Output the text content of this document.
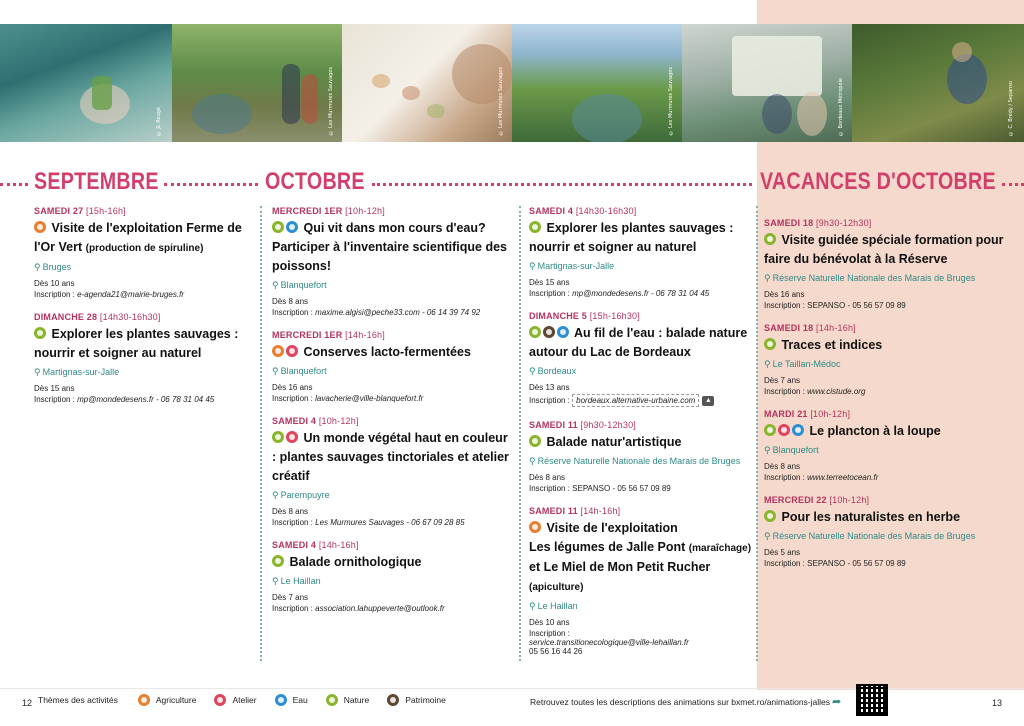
© JL Rougé	© Les Murmures Sauvages	© Les Murmures Sauvages	© Les Murmures Sauvages	© Bordeaux Métropole	© C. Brédy / Sepanso
SEPTEMBRE	OCTOBRE	VACANCES D'OCTOBRE
SAMEDI 27 [15h-16h]
Visite de l'exploitation Ferme de l'Or Vert (production de spiruline)
⚲ Bruges
Dès 10 ans
Inscription : e-agenda21@mairie-bruges.fr
DIMANCHE 28 [14h30-16h30]
Explorer les plantes sauvages : nourrir et soigner au naturel
⚲ Martignas-sur-Jalle
Dès 15 ans
Inscription : mp@mondedesens.fr - 06 78 31 04 45
MERCREDI 1ER [10h-12h]
Qui vit dans mon cours d'eau? Participer à l'inventaire scientifique des poissons!
⚲ Blanquefort
Dès 8 ans
Inscription : maxime.algisi@peche33.com - 06 14 39 74 92
MERCREDI 1ER [14h-16h]
Conserves lacto-fermentées
⚲ Blanquefort
Dès 16 ans
Inscription : lavacherie@ville-blanquefort.fr
SAMEDI 4 [10h-12h]
Un monde végétal haut en couleur : plantes sauvages tinctoriales et atelier créatif
⚲ Parempuyre
Dès 8 ans
Inscription : Les Murmures Sauvages - 06 67 09 28 85
SAMEDI 4 [14h-16h]
Balade ornithologique
⚲ Le Haillan
Dès 7 ans
Inscription : association.lahuppeverte@outlook.fr
SAMEDI 4 [14h30-16h30]
Explorer les plantes sauvages : nourrir et soigner au naturel
⚲ Martignas-sur-Jalle
Dès 15 ans
Inscription : mp@mondedesens.fr - 06 78 31 04 45
DIMANCHE 5 [15h-16h30]
Au fil de l'eau : balade nature autour du Lac de Bordeaux
⚲ Bordeaux
Dès 13 ans
Inscription : bordeaux.alternative-urbaine.com ▲
SAMEDI 11 [9h30-12h30]
Balade natur'artistique
⚲ Réserve Naturelle Nationale des Marais de Bruges
Dès 8 ans
Inscription : SEPANSO - 05 56 57 09 89
SAMEDI 11 [14h-16h]
Visite de l'exploitation
Les légumes de Jalle Pont (maraîchage)
et Le Miel de Mon Petit Rucher
(apiculture)
⚲ Le Haillan
Dès 10 ans
Inscription :
service.transitionecologique@ville-lehaillan.fr
05 56 16 44 26
SAMEDI 18 [9h30-12h30]
Visite guidée spéciale formation pour faire du bénévolat à la Réserve
⚲ Réserve Naturelle Nationale des Marais de Bruges
Dès 16 ans
Inscription : SEPANSO - 05 56 57 09 89
SAMEDI 18 [14h-16h]
Traces et indices
⚲ Le Taillan-Médoc
Dès 7 ans
Inscription : www.cistude.org
MARDI 21 [10h-12h]
Le plancton à la loupe
⚲ Blanquefort
Dès 8 ans
Inscription : www.terreetocean.fr
MERCREDI 22 [10h-12h]
Pour les naturalistes en herbe
⚲ Réserve Naturelle Nationale des Marais de Bruges
Dès 5 ans
Inscription : SEPANSO - 05 56 57 09 89
12 Thèmes des activités	Agriculture	Atelier	Eau	Nature	Patrimoine	Retrouvez toutes les descriptions des animations sur bxmet.ro/animations-jalles ➦	13
